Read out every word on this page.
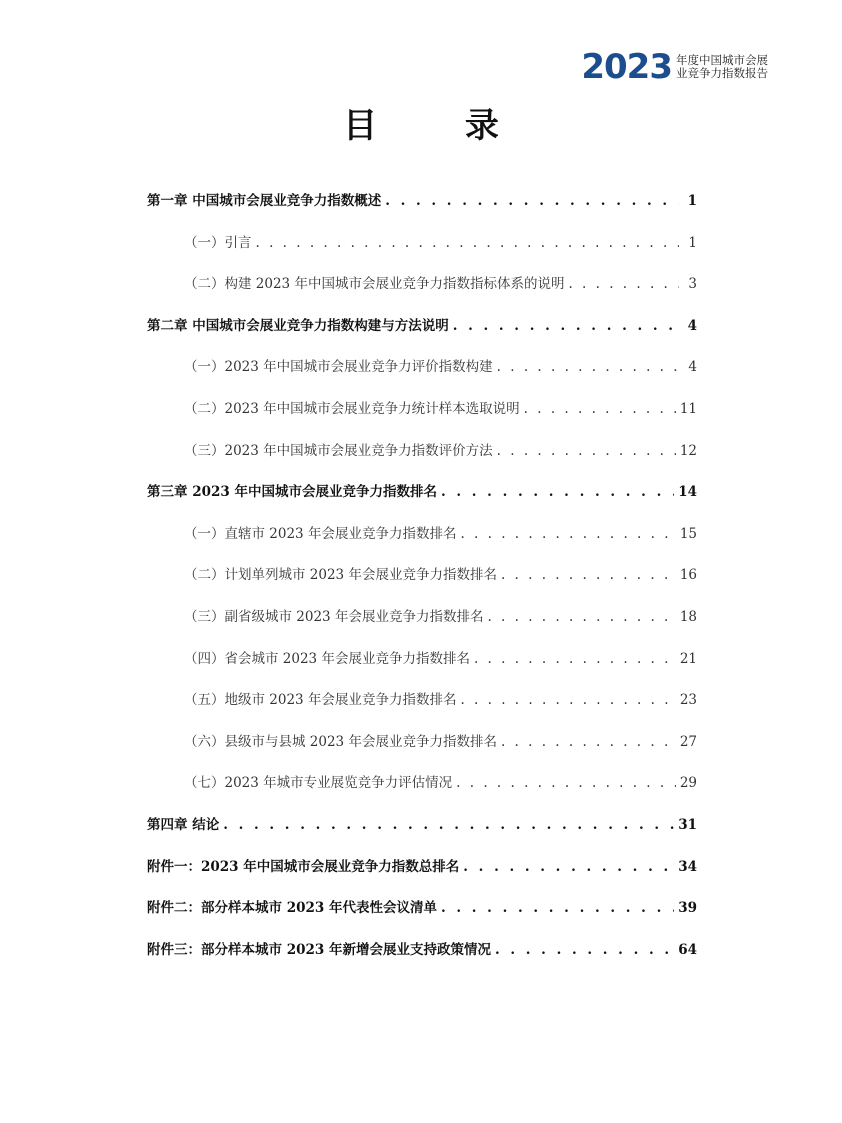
2023 年度中国城市会展
业竞争力指数报告
目 录
第一章 中国城市会展业竞争力指数概述 . . .	1
（一）引言 . . .	1
（二）构建 2023 年中国城市会展业竞争力指数指标体系的说明 . . .	3
第二章 中国城市会展业竞争力指数构建与方法说明 . . .	4
（一）2023 年中国城市会展业竞争力评价指数构建 . . .	4
（二）2023 年中国城市会展业竞争力统计样本选取说明 . . .	11
（三）2023 年中国城市会展业竞争力指数评价方法 . . .	12
第三章 2023 年中国城市会展业竞争力指数排名 . . .	14
（一）直辖市 2023 年会展业竞争力指数排名 . . .	15
（二）计划单列城市 2023 年会展业竞争力指数排名 . . .	16
（三）副省级城市 2023 年会展业竞争力指数排名 . . .	18
（四）省会城市 2023 年会展业竞争力指数排名 . . .	21
（五）地级市 2023 年会展业竞争力指数排名 . . .	23
（六）县级市与县城 2023 年会展业竞争力指数排名 . . .	27
（七）2023 年城市专业展览竞争力评估情况 . . .	29
第四章 结论 . . .	31
附件一：2023 年中国城市会展业竞争力指数总排名 . . .	34
附件二：部分样本城市 2023 年代表性会议清单 . . .	39
附件三：部分样本城市 2023 年新增会展业支持政策情况 . . .	64
